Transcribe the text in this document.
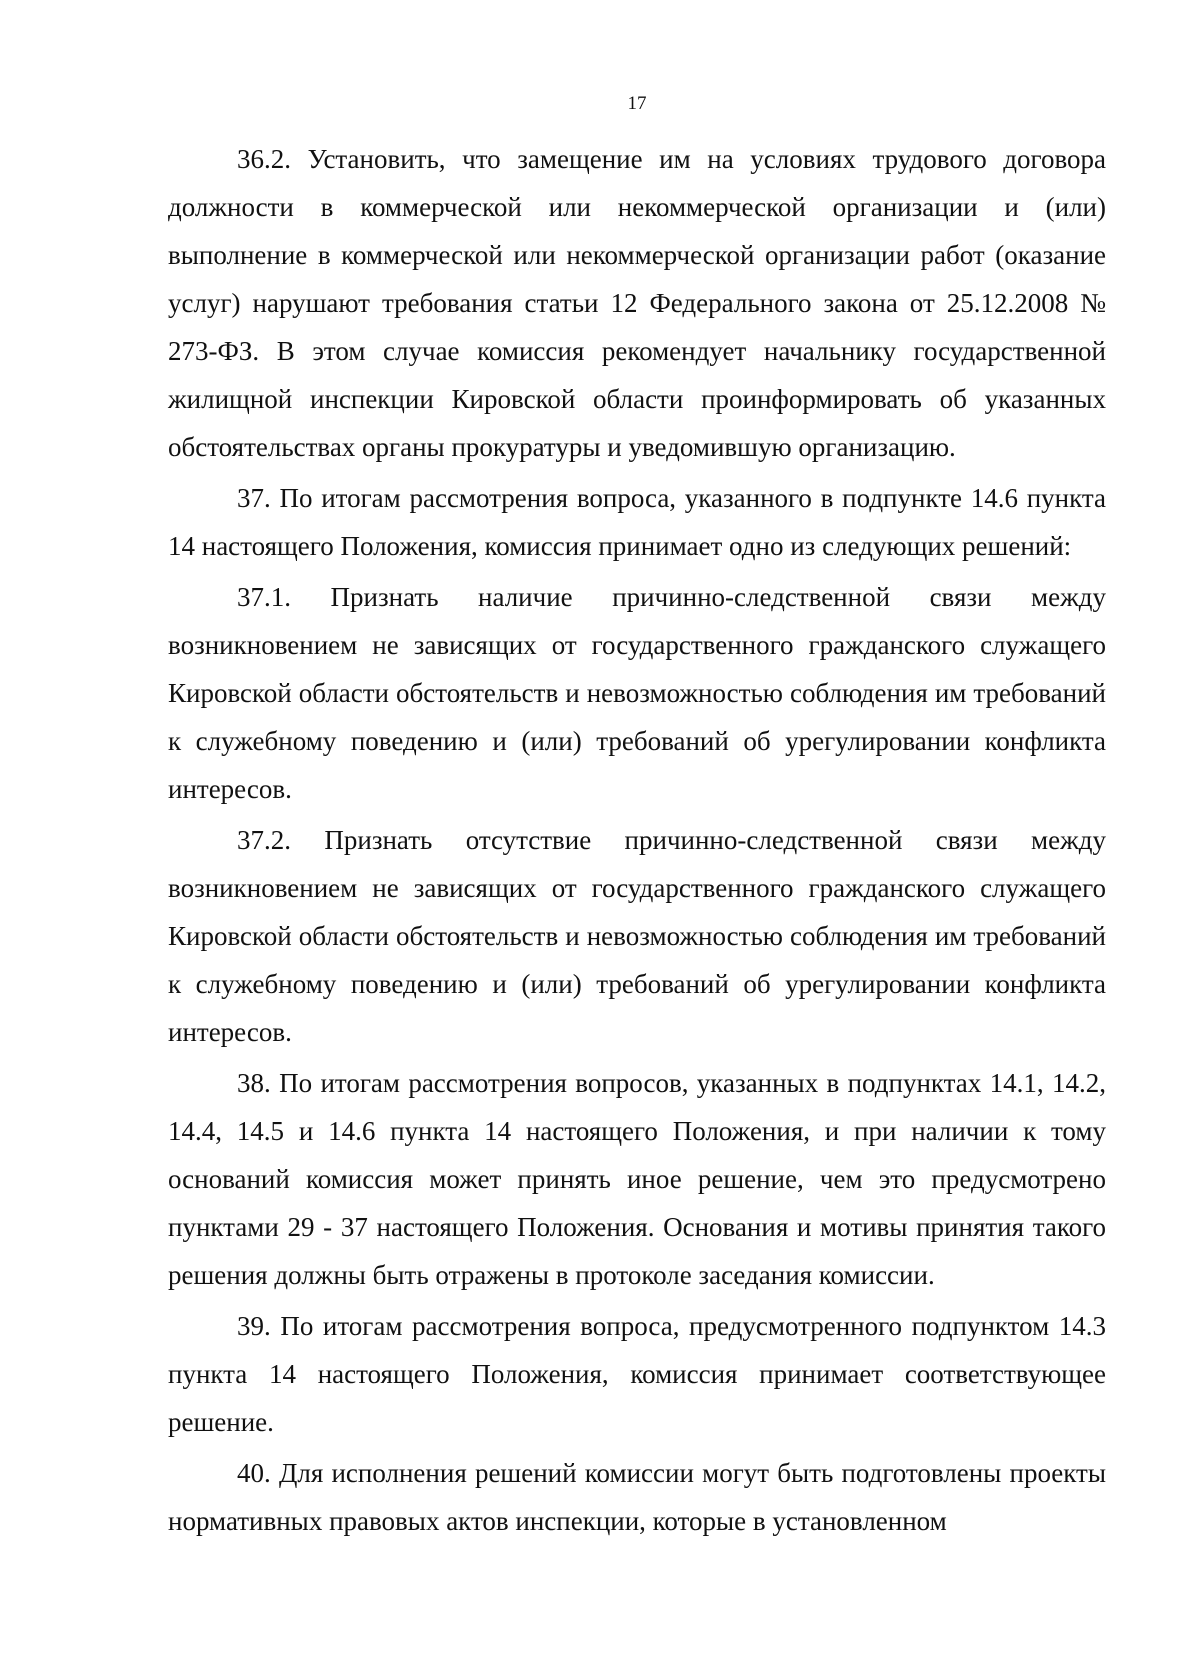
17

36.2. Установить, что замещение им на условиях трудового договора должности в коммерческой или некоммерческой организации и (или) выполнение в коммерческой или некоммерческой организации работ (оказание услуг) нарушают требования статьи 12 Федерального закона от 25.12.2008 № 273-ФЗ. В этом случае комиссия рекомендует начальнику государственной жилищной инспекции Кировской области проинформировать об указанных обстоятельствах органы прокуратуры и уведомившую организацию.

37. По итогам рассмотрения вопроса, указанного в подпункте 14.6 пункта 14 настоящего Положения, комиссия принимает одно из следующих решений:

37.1. Признать наличие причинно-следственной связи между возникновением не зависящих от государственного гражданского служащего Кировской области обстоятельств и невозможностью соблюдения им требований к служебному поведению и (или) требований об урегулировании конфликта интересов.

37.2. Признать отсутствие причинно-следственной связи между возникновением не зависящих от государственного гражданского служащего Кировской области обстоятельств и невозможностью соблюдения им требований к служебному поведению и (или) требований об урегулировании конфликта интересов.

38. По итогам рассмотрения вопросов, указанных в подпунктах 14.1, 14.2, 14.4, 14.5 и 14.6 пункта 14 настоящего Положения, и при наличии к тому оснований комиссия может принять иное решение, чем это предусмотрено пунктами 29 - 37 настоящего Положения. Основания и мотивы принятия такого решения должны быть отражены в протоколе заседания комиссии.

39. По итогам рассмотрения вопроса, предусмотренного подпунктом 14.3 пункта 14 настоящего Положения, комиссия принимает соответствующее решение.

40. Для исполнения решений комиссии могут быть подготовлены проекты нормативных правовых актов инспекции, которые в установленном
